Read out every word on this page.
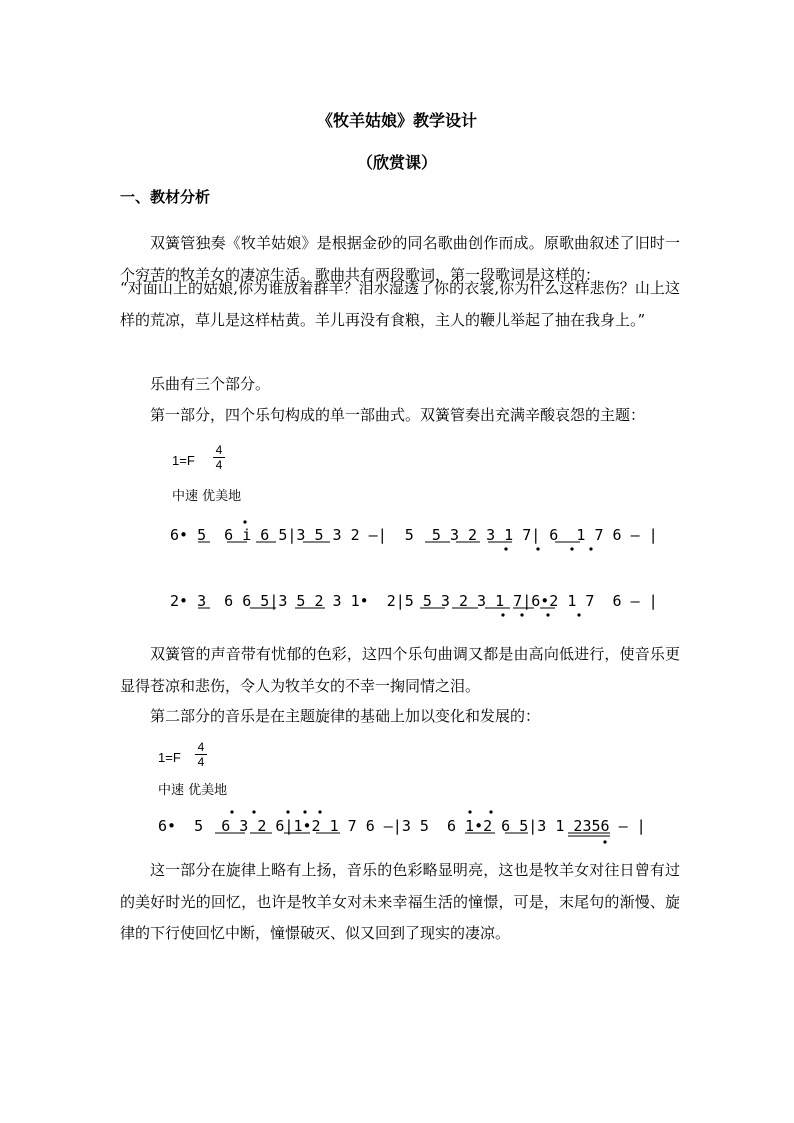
《牧羊姑娘》教学设计
（欣赏课）
一、教材分析

双簧管独奏《牧羊姑娘》是根据金砂的同名歌曲创作而成。原歌曲叙述了旧时一个穷苦的牧羊女的凄凉生活。歌曲共有两段歌词，第一段歌词是这样的：

“对面山上的姑娘,你为谁放着群羊？泪水湿透了你的衣裳,你为什么这样悲伤？山上这样的荒凉，草儿是这样枯黄。羊儿再没有食粮，主人的鞭儿举起了抽在我身上。”

乐曲有三个部分。

第一部分，四个乐句构成的单一部曲式。双簧管奏出充满辛酸哀怨的主题：

1=F
4
4
中速 优美地
6• 5  6 i 6 5|3 5 3 2 —|  5  5 3 2 3 1 7| 6  1 7 6 — |
2• 3  6 6 5|3 5 2 3 1•  2|5 5 3 2 3 1 7|6•2 1 7  6 — |

双簧管的声音带有忧郁的色彩，这四个乐句曲调又都是由高向低进行，使音乐更显得苍凉和悲伤，令人为牧羊女的不幸一掬同情之泪。

第二部分的音乐是在主题旋律的基础上加以变化和发展的：

1=F
4
4
中速 优美地
6•  5  6 3 2 6|1•2 1 7 6 —|3 5  6 1•2 6 5|3 1 2356 — |

这一部分在旋律上略有上扬，音乐的色彩略显明亮，这也是牧羊女对往日曾有过的美好时光的回忆，也许是牧羊女对未来幸福生活的憧憬，可是，末尾句的渐慢、旋律的下行使回忆中断，憧憬破灭、似又回到了现实的凄凉。
